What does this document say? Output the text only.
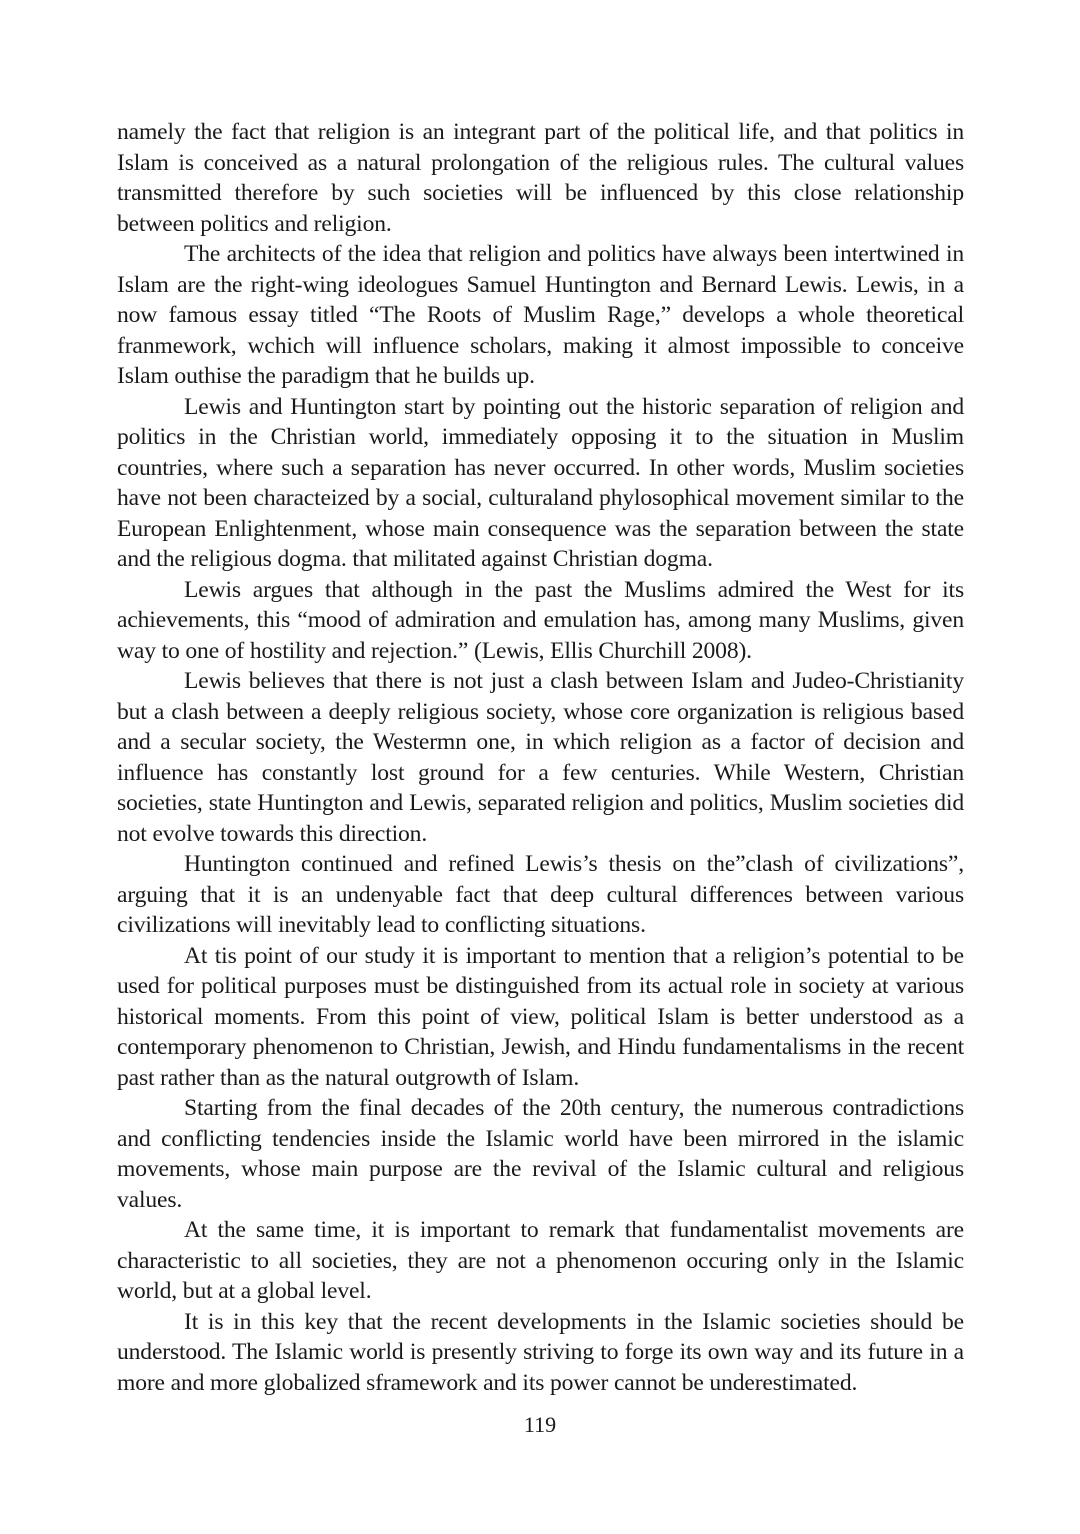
namely the fact that religion is an integrant part of the political life, and that politics in Islam is conceived as a natural prolongation of the religious rules. The cultural values transmitted therefore by such societies will be influenced by this close relationship between politics and religion.

The architects of the idea that religion and politics have always been intertwined in Islam are the right-wing ideologues Samuel Huntington and Bernard Lewis. Lewis, in a now famous essay titled “The Roots of Muslim Rage,” develops a whole theoretical franmework, wchich will influence scholars, making it almost impossible to conceive Islam outhise the paradigm that he builds up.

Lewis and Huntington start by pointing out the historic separation of religion and politics in the Christian world, immediately opposing it to the situation in Muslim countries, where such a separation has never occurred. In other words, Muslim societies have not been characteized by a social, culturaland phylosophical movement similar to the European Enlightenment, whose main consequence was the separation between the state and the religious dogma. that militated against Christian dogma.

Lewis argues that although in the past the Muslims admired the West for its achievements, this “mood of admiration and emulation has, among many Muslims, given way to one of hostility and rejection.” (Lewis, Ellis Churchill 2008).

Lewis believes that there is not just a clash between Islam and Judeo-Christianity but a clash between a deeply religious society, whose core organization is religious based and a secular society, the Westermn one, in which religion as a factor of decision and influence has constantly lost ground for a few centuries. While Western, Christian societies, state Huntington and Lewis, separated religion and politics, Muslim societies did not evolve towards this direction.

Huntington continued and refined Lewis’s thesis on the”clash of civilizations”, arguing that it is an undenyable fact that deep cultural differences between various civilizations will inevitably lead to conflicting situations.

At tis point of our study it is important to mention that a religion’s potential to be used for political purposes must be distinguished from its actual role in society at various historical moments. From this point of view, political Islam is better understood as a contemporary phenomenon to Christian, Jewish, and Hindu fundamentalisms in the recent past rather than as the natural outgrowth of Islam.

Starting from the final decades of the 20th century, the numerous contradictions and conflicting tendencies inside the Islamic world have been mirrored in the islamic movements, whose main purpose are the revival of the Islamic cultural and religious values.

At the same time, it is important to remark that fundamentalist movements are characteristic to all societies, they are not a phenomenon occuring only in the Islamic world, but at a global level.

It is in this key that the recent developments in the Islamic societies should be understood. The Islamic world is presently striving to forge its own way and its future in a more and more globalized sframework and its power cannot be underestimated.

119
